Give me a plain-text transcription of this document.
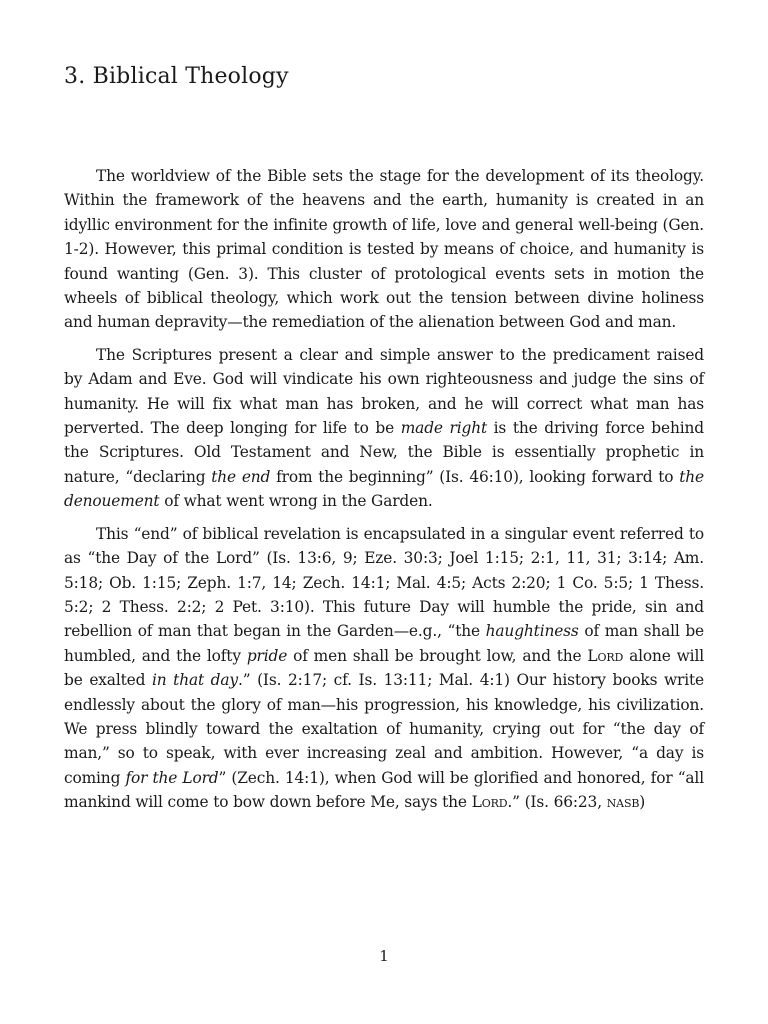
3. Biblical Theology

The worldview of the Bible sets the stage for the development of its theology. Within the framework of the heavens and the earth, humanity is created in an idyllic environment for the infinite growth of life, love and general well-being (Gen. 1-2). However, this primal condition is tested by means of choice, and humanity is found wanting (Gen. 3). This cluster of protological events sets in motion the wheels of biblical theology, which work out the tension between divine holiness and human depravity—the remediation of the alienation between God and man.

The Scriptures present a clear and simple answer to the predicament raised by Adam and Eve. God will vindicate his own righteousness and judge the sins of humanity. He will fix what man has broken, and he will correct what man has perverted. The deep longing for life to be made right is the driving force behind the Scriptures. Old Testament and New, the Bible is essentially prophetic in nature, “declaring the end from the beginning” (Is. 46:10), looking forward to the denouement of what went wrong in the Garden.

This “end” of biblical revelation is encapsulated in a singular event referred to as “the Day of the Lord” (Is. 13:6, 9; Eze. 30:3; Joel 1:15; 2:1, 11, 31; 3:14; Am. 5:18; Ob. 1:15; Zeph. 1:7, 14; Zech. 14:1; Mal. 4:5; Acts 2:20; 1 Co. 5:5; 1 Thess. 5:2; 2 Thess. 2:2; 2 Pet. 3:10). This future Day will humble the pride, sin and rebellion of man that began in the Garden—e.g., “the haughtiness of man shall be humbled, and the lofty pride of men shall be brought low, and the Lord alone will be exalted in that day.” (Is. 2:17; cf. Is. 13:11; Mal. 4:1) Our history books write endlessly about the glory of man—his progression, his knowledge, his civilization. We press blindly toward the exaltation of humanity, crying out for “the day of man,” so to speak, with ever increasing zeal and ambition. However, “a day is coming for the Lord” (Zech. 14:1), when God will be glorified and honored, for “all mankind will come to bow down before Me, says the Lord.” (Is. 66:23, nasb)

1
